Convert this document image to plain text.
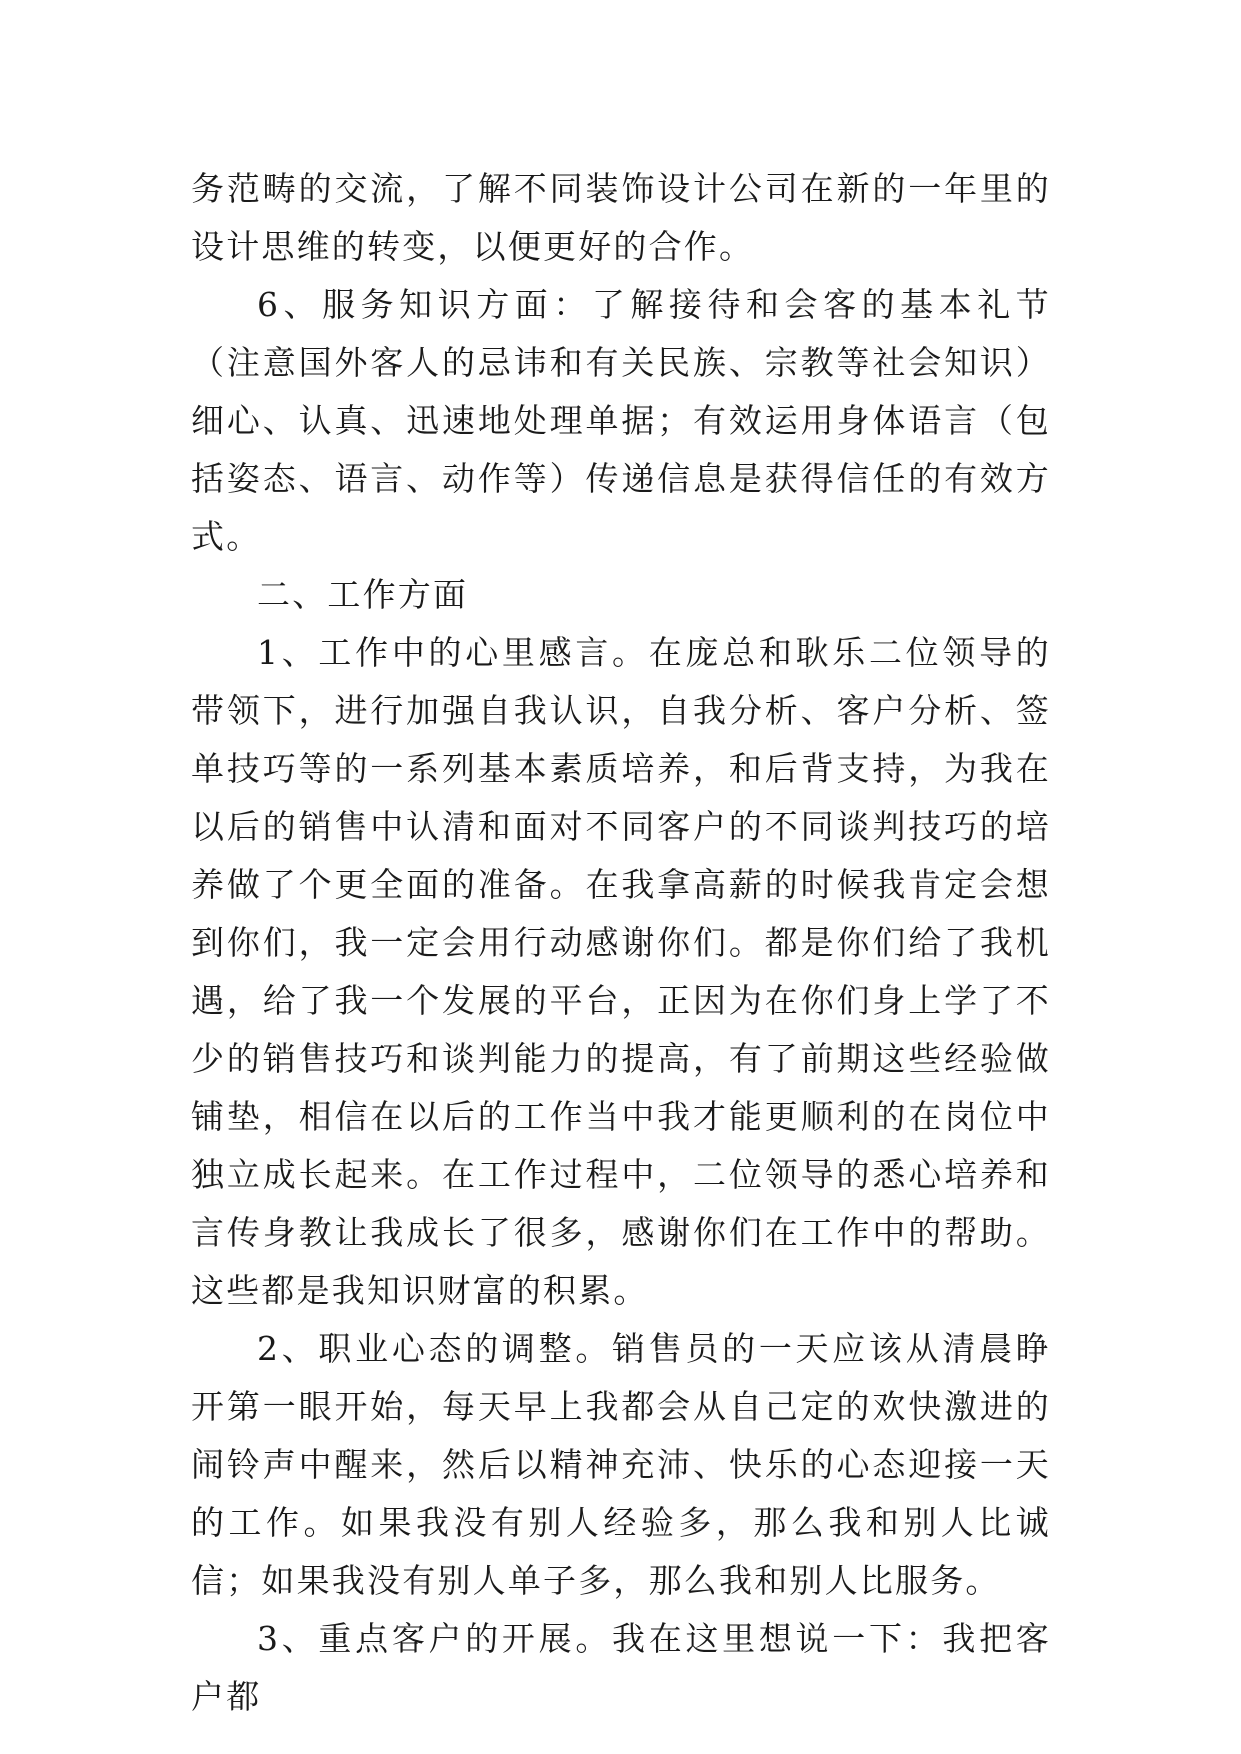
务范畴的交流，了解不同装饰设计公司在新的一年里的设计思维的转变，以便更好的合作。

6、服务知识方面：了解接待和会客的基本礼节（注意国外客人的忌讳和有关民族、宗教等社会知识）细心、认真、迅速地处理单据；有效运用身体语言（包括姿态、语言、动作等）传递信息是获得信任的有效方式。

二、工作方面

1、工作中的心里感言。在庞总和耿乐二位领导的带领下，进行加强自我认识，自我分析、客户分析、签单技巧等的一系列基本素质培养，和后背支持，为我在以后的销售中认清和面对不同客户的不同谈判技巧的培养做了个更全面的准备。在我拿高薪的时候我肯定会想到你们，我一定会用行动感谢你们。都是你们给了我机遇，给了我一个发展的平台，正因为在你们身上学了不少的销售技巧和谈判能力的提高，有了前期这些经验做铺垫，相信在以后的工作当中我才能更顺利的在岗位中独立成长起来。在工作过程中，二位领导的悉心培养和言传身教让我成长了很多，感谢你们在工作中的帮助。这些都是我知识财富的积累。

2、职业心态的调整。销售员的一天应该从清晨睁开第一眼开始，每天早上我都会从自己定的欢快激进的闹铃声中醒来，然后以精神充沛、快乐的心态迎接一天的工作。如果我没有别人经验多，那么我和别人比诚信；如果我没有别人单子多，那么我和别人比服务。

3、重点客户的开展。我在这里想说一下：我把客户都
